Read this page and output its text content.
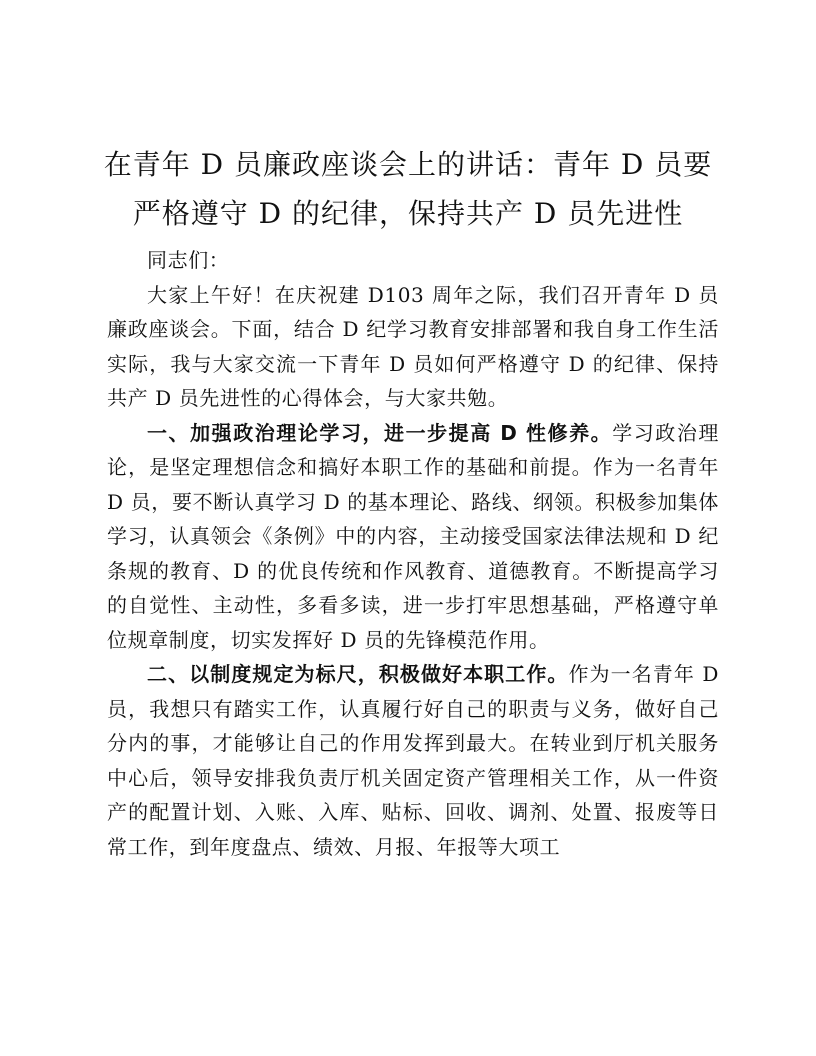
在青年 D 员廉政座谈会上的讲话：青年 D 员要严格遵守 D 的纪律，保持共产 D 员先进性

同志们：

大家上午好！在庆祝建 D103 周年之际，我们召开青年 D 员廉政座谈会。下面，结合 D 纪学习教育安排部署和我自身工作生活实际，我与大家交流一下青年 D 员如何严格遵守 D 的纪律、保持共产 D 员先进性的心得体会，与大家共勉。

一、加强政治理论学习，进一步提高 D 性修养。学习政治理论，是坚定理想信念和搞好本职工作的基础和前提。作为一名青年 D 员，要不断认真学习 D 的基本理论、路线、纲领。积极参加集体学习，认真领会《条例》中的内容，主动接受国家法律法规和 D 纪条规的教育、D 的优良传统和作风教育、道德教育。不断提高学习的自觉性、主动性，多看多读，进一步打牢思想基础，严格遵守单位规章制度，切实发挥好 D 员的先锋模范作用。

二、以制度规定为标尺，积极做好本职工作。作为一名青年 D 员，我想只有踏实工作，认真履行好自己的职责与义务，做好自己分内的事，才能够让自己的作用发挥到最大。在转业到厅机关服务中心后，领导安排我负责厅机关固定资产管理相关工作，从一件资产的配置计划、入账、入库、贴标、回收、调剂、处置、报废等日常工作，到年度盘点、绩效、月报、年报等大项工
